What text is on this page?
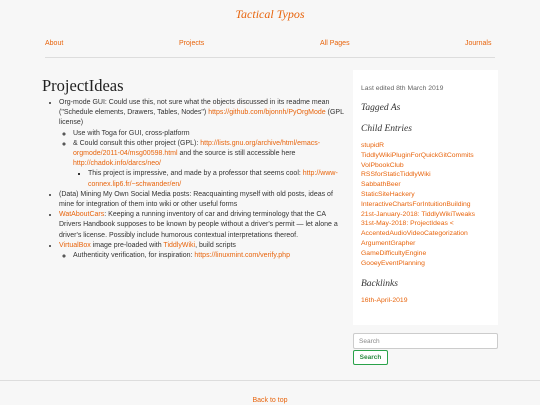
Tactical Typos
About	Projects	All Pages	Journals
ProjectIdeas
• Org-mode GUI: Could use this, not sure what the objects discussed in its readme mean ("Schedule elements, Drawers, Tables, Nodes") https://github.com/bjonnh/PyOrgMode (GPL license)
◦ Use with Toga for GUI, cross-platform
◦ & Could consult this other project (GPL): http://lists.gnu.org/archive/html/emacs-orgmode/2011-04/msg00598.html and the source is still accessible here http://chadok.info/darcs/neo/
▪ This project is impressive, and made by a professor that seems cool: http://www-connex.lip6.fr/~schwander/en/
• (Data) Mining My Own Social Media posts: Reacquainting myself with old posts, ideas of mine for integration of them into wiki or other useful forms
• WatAboutCars: Keeping a running inventory of car and driving terminology that the CA Drivers Handbook supposes to be known by people without a driver's permit — let alone a driver's license. Possibly include humorous contextual interpretations thereof.
• VirtualBox image pre-loaded with TiddlyWiki, build scripts
◦ Authenticity verification, for inspiration: https://linuxmint.com/verify.php
Last edited 8th March 2019
Tagged As
Child Entries
stupidR
TiddlyWikiPluginForQuickGitCommits
VolPbookClub
RSSforStaticTiddlyWiki
SabbathBeer
StaticSiteHackery
InteractiveChartsForIntuitionBuilding
21st-January-2018: TiddlyWikiTweaks
31st-May-2018: ProjectIdeas <
AccentedAudioVideoCategorization
ArgumentGrapher
GameDifficultyEngine
GooeyEventPlanning
Backlinks
16th-April-2019
Search
Search
Back to top
